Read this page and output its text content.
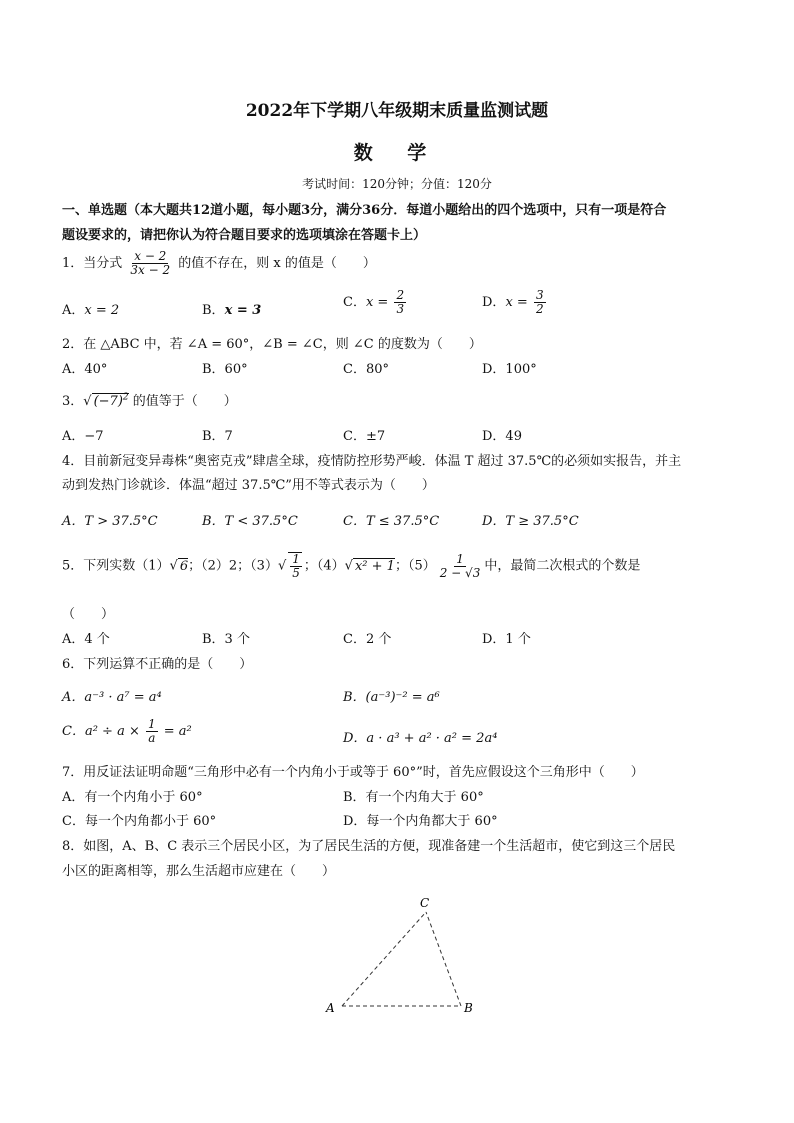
2022年下学期八年级期末质量监测试题
数 学
考试时间：120分钟；分值：120分
一、单选题（本大题共12道小题，每小题3分，满分36分．每道小题给出的四个选项中，只有一项是符合
题设要求的，请把你认为符合题目要求的选项填涂在答题卡上）
1．当分式 $\frac{x - 2}{3x - 2}$ 的值不存在，则 x 的值是（　　）
A．x = 2	B．x = 3
C．$x = \frac{2}{3}$	D．$x = \frac{3}{2}$
2．在 △ABC 中，若 ∠A = 60°，∠B = ∠C，则 ∠C 的度数为（　　）
A．40°	B．60°	C．80°	D．100°
3．√ $(-7)^2$ 的值等于（　　）
A．−7	B．7	C．±7	D．49
4．目前新冠变异毒株“奥密克戎”肆虐全球，疫情防控形势严峻．体温 T 超过 37.5℃的必须如实报告，并主
动到发热门诊就诊．体温“超过 37.5℃”用不等式表示为（　　）
A．T > 37.5°C	B．T < 37.5°C	C．T ≤ 37.5°C	D．T ≥ 37.5°C
5．下列实数（1）√ 6；（2）2；$(3)√ \frac{1}{5}$ ；（4）√ x² + 1；$(5) \frac{1}{2 - √3}$ 中，最简二次根式的个数是
（　　）
A．4 个	B．3 个	C．2 个	D．1 个
6．下列运算不正确的是（　　）
A．a⁻³ · a⁷ = a⁴	B．(a⁻³)⁻² = a⁶
C．$a^2 \div a \times \frac{1}{a} = a^2$	D．a · a³ + a² · a² = 2a⁴
7．用反证法证明命题“三角形中必有一个内角小于或等于 60°”时，首先应假设这个三角形中（　　）
A．有一个内角小于 60°	B．有一个内角大于 60°
C．每一个内角都小于 60°	D．每一个内角都大于 60°
8．如图，A、B、C 表示三个居民小区，为了居民生活的方便，现准备建一个生活超市，使它到这三个居民
小区的距离相等，那么生活超市应建在（　　）
A	B
C
